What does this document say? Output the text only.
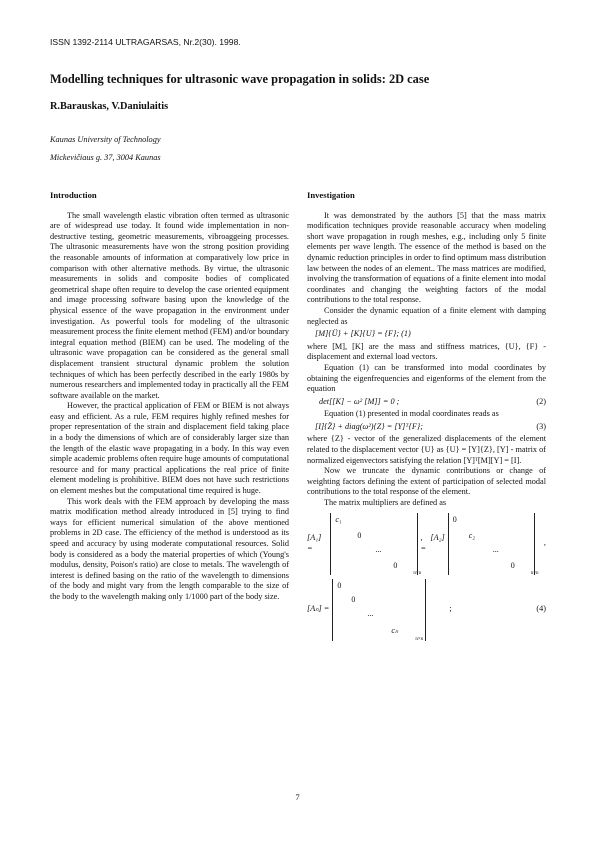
ISSN 1392-2114 ULTRAGARSAS, Nr.2(30). 1998.
Modelling techniques for ultrasonic wave propagation in solids: 2D case
R.Barauskas, V.Daniulaitis
Kaunas University of Technology
Mickevičiaus g. 37, 3004 Kaunas
Introduction

The small wavelength elastic vibration often termed as ultrasonic are of widespread use today. It found wide implementation in non-destructive testing, geometric measurements, vibroaggeing processes. The ultrasonic measurements have won the strong position providing the reasonable amounts of information at comparatively low price in comparison with other alternative methods. By virtue, the ultrasonic measurements in solids and composite bodies of complicated geometrical shape often require to develop the case oriented equipment and image processing software basing upon the knowledge of the physical essence of the wave propagation in the environment under investigation. As powerful tools for modeling of the ultrasonic measurement process the finite element method (FEM) and/or boundary integral equation method (BIEM) can be used. The modeling of the ultrasonic wave propagation can be considered as the general small displacement transient structural dynamic problem the solution techniques of which has been perfectly described in the early 1980s by numerous researchers and implemented today in practically all the FEM software available on the market.

However, the practical application of FEM or BIEM is not always easy and efficient. As a rule, FEM requires highly refined meshes for proper representation of the strain and displacement field taking place in a body the dimensions of which are of considerably larger size than the length of the elastic wave propagating in a body. In this way even simple academic problems often require huge amounts of computational resource and for many practical applications the real price of finite element modeling is prohibitive. BIEM does not have such restrictions on element meshes but the computational time required is huge.

This work deals with the FEM approach by developing the mass matrix modification method already introduced in [5] trying to find ways for efficient numerical simulation of the above mentioned problems in 2D case. The efficiency of the method is understood as its speed and accuracy by using moderate computational resources. Solid body is considered as a body the material properties of which (Young's modulus, density, Poison's ratio) are close to metals. The wavelength of interest is defined basing on the ratio of the wavelength to dimensions of the body and might vary from the length comparable to the size of the body to the wavelength making only 1/1000 part of the body size.

Investigation

It was demonstrated by the authors [5] that the mass matrix modification techniques provide reasonable accuracy when modeling short wave propagation in rough meshes, e.g., including only 5 finite elements per wave length. The essence of the method is based on the dynamic reduction principles in order to find optimum mass distribution law between the nodes of an element.. The mass matrices are modified, involving the transformation of equations of a finite element into modal coordinates and changing the weighting factors of the modal contributions to the total response.

Consider the dynamic equation of a finite element with damping neglected as

[M]{Ü} + [K]{U} = {F}; (1)

where [M], [K] are the mass and stiffness matrices, {U}, {F} - displacement and external load vectors.

Equation (1) can be transformed into modal coordinates by obtaining the eigenfrequencies and eigenforms of the element from the equation

det[[K] − ω² [M]] = 0 ;	(2)

Equation (1) presented in modal coordinates reads as

[I]{Z̈} + diag(ω²){Z} = [Y]ᵀ{F};	(3)

where {Z} - vector of the generalized displacements of the element related to the displacement vector {U} as {U} = [Y]{Z}, [Y] - matrix of normalized eigenvectors satisfying the relation [Y]ᵀ[M][Y] = [I].

Now we truncate the dynamic contributions or change of weighting factors defining the extent of participation of selected modal contributions to the total response of the element.

The matrix multipliers are defined as

[A₁] =
c₁
0
...
0
n×n
, [A₂] =
0
c₂
...
0
n×n
,
[Aₙ] =
0
0
...
cₙ
n×n
;	(4)
7
